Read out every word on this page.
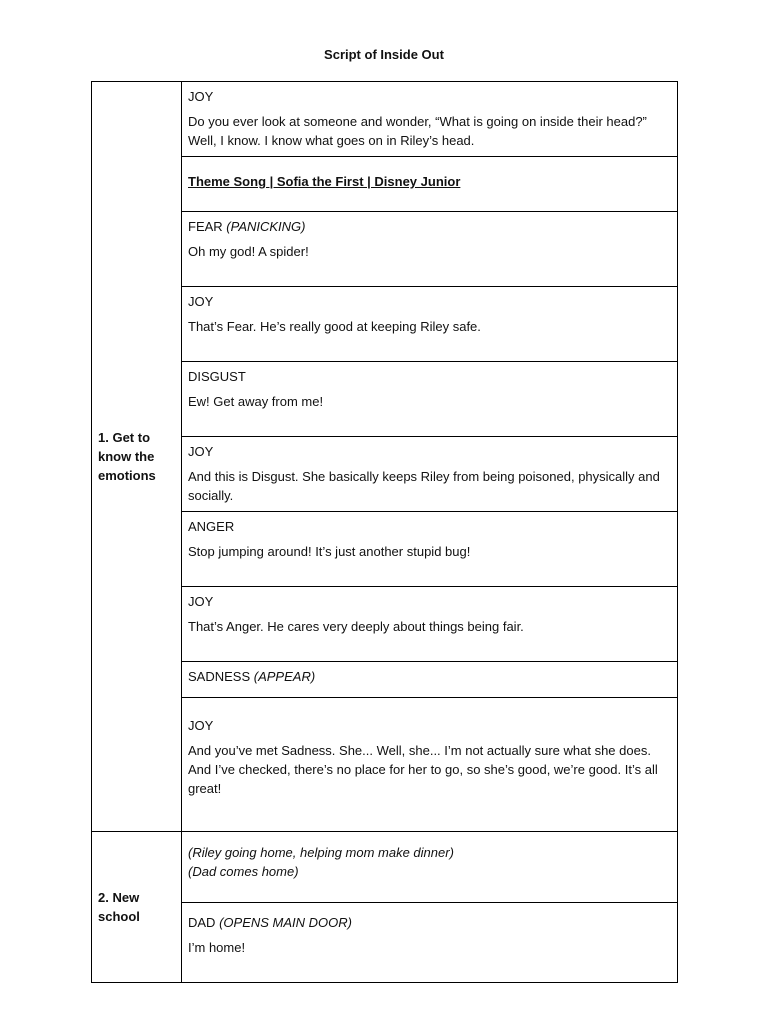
Script of Inside Out
1. Get to know the emotions	JOY

Do you ever look at someone and wonder, “What is going on inside their head?” Well, I know. I know what goes on in Riley’s head.

	Theme Song | Sofia the First | Disney Junior

	FEAR (PANICKING)

Oh my god! A spider!

	JOY

That’s Fear. He’s really good at keeping Riley safe.

	DISGUST

Ew! Get away from me!

	JOY

And this is Disgust. She basically keeps Riley from being poisoned, physically and socially.

	ANGER

Stop jumping around! It’s just another stupid bug!

	JOY

That’s Anger. He cares very deeply about things being fair.

	SADNESS (APPEAR)

	JOY

And you’ve met Sadness. She... Well, she... I’m not actually sure what she does. And I’ve checked, there’s no place for her to go, so she’s good, we’re good. It’s all great!

2. New school	(Riley going home, helping mom make dinner)

(Dad comes home)

	DAD (OPENS MAIN DOOR)

I’m home!
